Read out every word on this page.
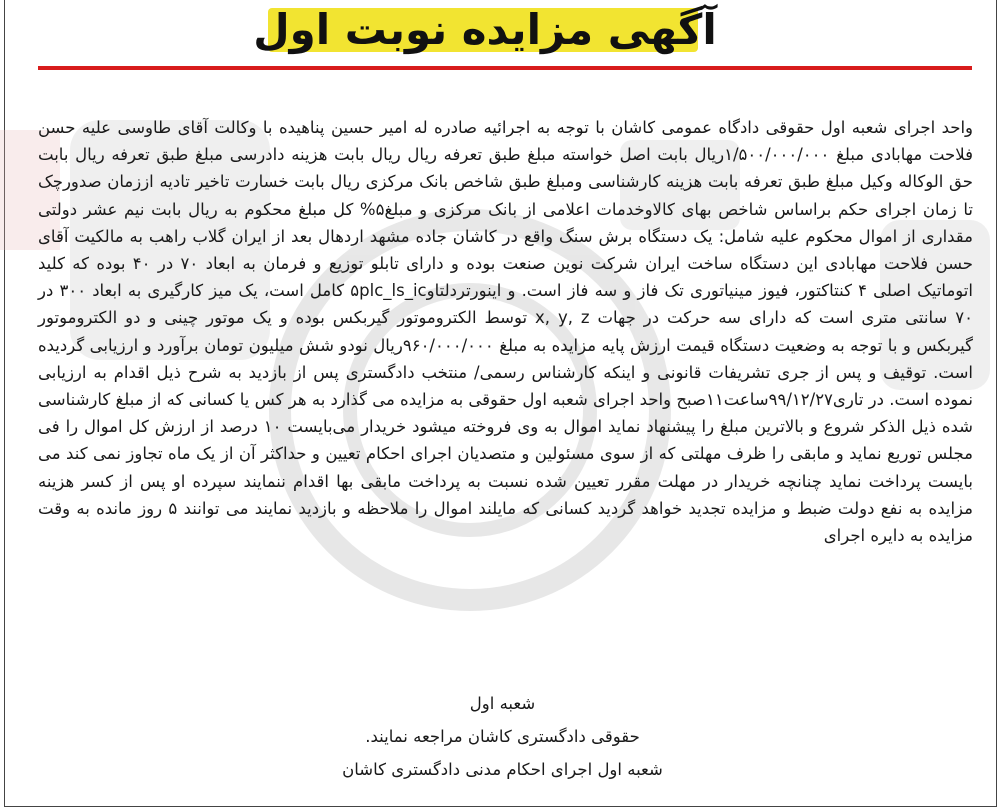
آگهی مزایده نوبت اول

واحد اجرای شعبه اول حقوقی دادگاه عمومی کاشان با توجه به اجرائیه صادره له امیر حسین پناهیده با وکالت آقای طاوسی علیه حسن فلاحت مهابادی مبلغ ۱/۵۰۰/۰۰۰/۰۰۰ریال بابت اصل خواسته مبلغ طبق تعرفه ریال ریال بابت هزینه دادرسی مبلغ طبق تعرفه ریال بابت حق الوکاله وکیل مبلغ طبق تعرفه بابت هزینه کارشناسی ومبلغ طبق شاخص بانک مرکزی ریال بابت خسارت تاخیر تادیه اززمان صدورچک تا زمان اجرای حکم براساس شاخص بهای کالاوخدمات اعلامی از بانک مرکزی و مبلغ۵% کل مبلغ محکوم به ریال بابت نیم عشر دولتی مقداری از اموال محکوم علیه شامل: یک دستگاه برش سنگ واقع در کاشان جاده مشهد اردهال بعد از ایران گلاب راهب به مالکیت آقای حسن فلاحت مهابادی این دستگاه ساخت ایران شرکت نوین صنعت بوده و دارای تابلو توزیع و فرمان به ابعاد ۷۰ در ۴۰ بوده که کلید اتوماتیک اصلی ۴ کنتاکتور، فیوز مینیاتوری تک فاز و سه فاز است. و اینورتردلتاو۵plc_ls_ic کامل است، یک میز کارگیری به ابعاد ۳۰۰ در ۷۰ سانتی متری است که دارای سه حرکت در جهات x, y, z توسط الکتروموتور گیربکس بوده و یک موتور چینی و دو الکتروموتور گیربکس و با توجه به وضعیت دستگاه قیمت ارزش پایه مزایده به مبلغ ۹۶۰/۰۰۰/۰۰۰ریال نودو شش میلیون تومان برآورد و ارزیابی گردیده است. توقیف و پس از جری تشریفات قانونی و اینکه کارشناس رسمی/ منتخب دادگستری پس از بازدید به شرح ذیل اقدام به ارزیابی نموده است. در تاری۹۹/۱۲/۲۷ساعت۱۱صبح واحد اجرای شعبه اول حقوقی به مزایده می گذارد به هر کس یا کسانی که از مبلغ کارشناسی شده ذیل الذکر شروع و بالاترین مبلغ را پیشنهاد نماید اموال به وی فروخته میشود خریدار می‌بایست ۱۰ درصد از ارزش کل اموال را فی مجلس توریع نماید و مابقی را ظرف مهلتی که از سوی مسئولین و متصدیان اجرای احکام تعیین و حداکثر آن از یک ماه تجاوز نمی کند می بایست پرداخت نماید چنانچه خریدار در مهلت مقرر تعیین شده نسبت به پرداخت مابقی بها اقدام ننمایند سپرده او پس از کسر هزینه مزایده به نفع دولت ضبط و مزایده تجدید خواهد گردید کسانی که مایلند اموال را ملاحظه و بازدید نمایند می توانند ۵ روز مانده به وقت مزایده به دایره اجرای

شعبه اول
حقوقی دادگستری کاشان مراجعه نمایند.
شعبه اول اجرای احکام مدنی دادگستری کاشان
